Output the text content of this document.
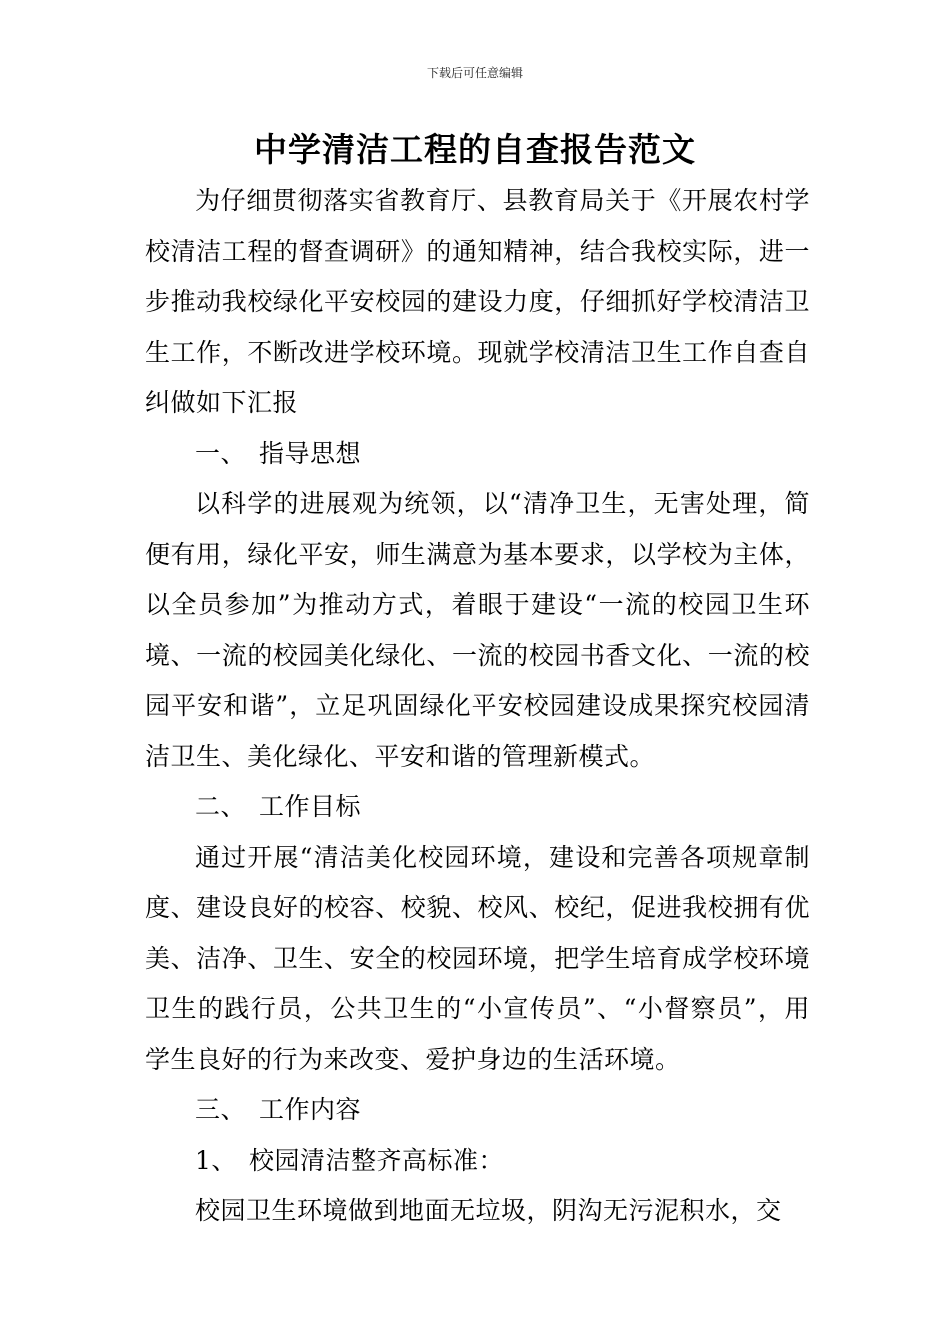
下载后可任意编辑
中学清洁工程的自查报告范文

为仔细贯彻落实省教育厅、县教育局关于《开展农村学校清洁工程的督查调研》的通知精神，结合我校实际，进一步推动我校绿化平安校园的建设力度，仔细抓好学校清洁卫生工作，不断改进学校环境。现就学校清洁卫生工作自查自纠做如下汇报

一、 指导思想

以科学的进展观为统领，以“清净卫生，无害处理，简便有用，绿化平安，师生满意为基本要求，以学校为主体，以全员参加”为推动方式，着眼于建设“一流的校园卫生环境、一流的校园美化绿化、一流的校园书香文化、一流的校园平安和谐”，立足巩固绿化平安校园建设成果探究校园清洁卫生、美化绿化、平安和谐的管理新模式。

二、 工作目标

通过开展“清洁美化校园环境，建设和完善各项规章制度、建设良好的校容、校貌、校风、校纪，促进我校拥有优美、洁净、卫生、安全的校园环境，把学生培育成学校环境卫生的践行员，公共卫生的“小宣传员”、“小督察员”，用学生良好的行为来改变、爱护身边的生活环境。

三、 工作内容

1、 校园清洁整齐高标准：

校园卫生环境做到地面无垃圾，阴沟无污泥积水，交
